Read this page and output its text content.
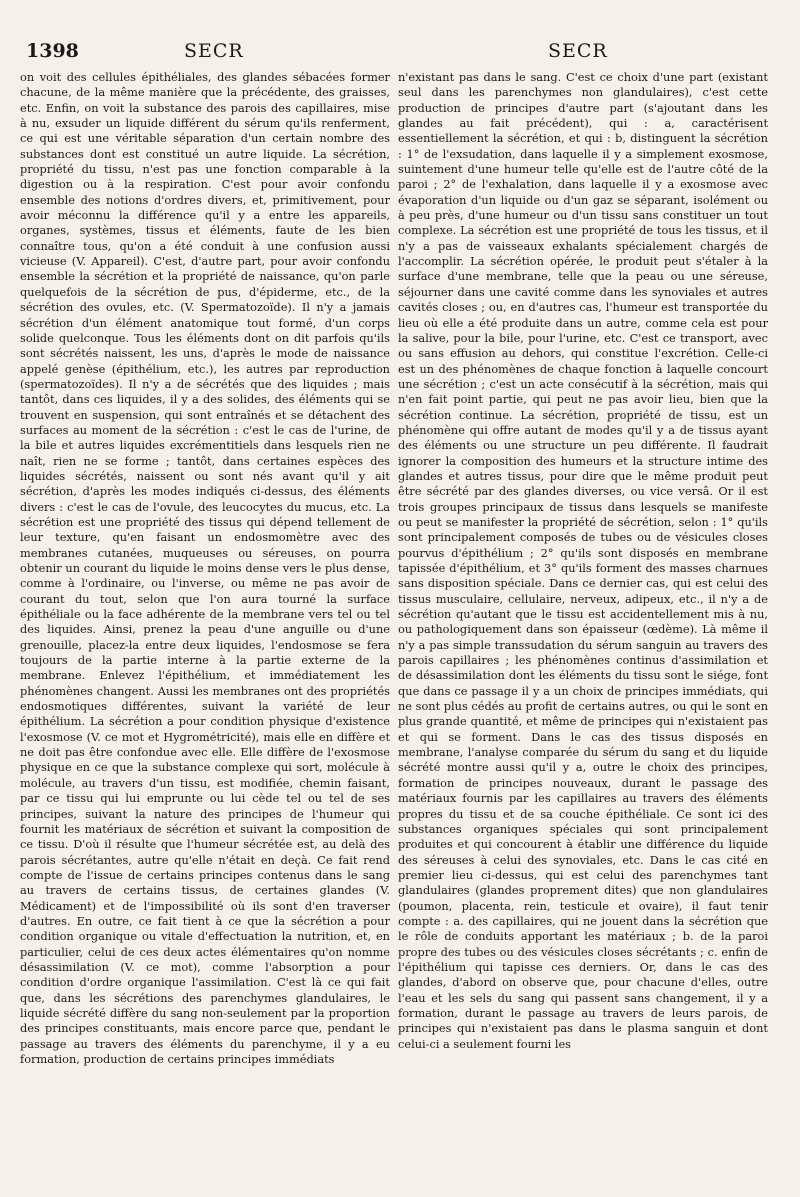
1398	SECR	SECR

on voit des cellules épithéliales, des glandes sébacées former chacune, de la même manière que la précédente, des graisses, etc. Enfin, on voit la substance des parois des capillaires, mise à nu, exsuder un liquide différent du sérum qu'ils renferment, ce qui est une véritable séparation d'un certain nombre des substances dont est constitué un autre liquide. La sécrétion, propriété du tissu, n'est pas une fonction comparable à la digestion ou à la respiration. C'est pour avoir confondu ensemble des notions d'ordres divers, et, primitivement, pour avoir méconnu la différence qu'il y a entre les appareils, organes, systèmes, tissus et éléments, faute de les bien connaître tous, qu'on a été conduit à une confusion aussi vicieuse (V. Appareil). C'est, d'autre part, pour avoir confondu ensemble la sécrétion et la propriété de naissance, qu'on parle quelquefois de la sécrétion de pus, d'épiderme, etc., de la sécrétion des ovules, etc. (V. Spermatozoïde). Il n'y a jamais sécrétion d'un élément anatomique tout formé, d'un corps solide quelconque. Tous les éléments dont on dit parfois qu'ils sont sécrétés naissent, les uns, d'après le mode de naissance appelé genèse (épithélium, etc.), les autres par reproduction (spermatozoïdes). Il n'y a de sécrétés que des liquides ; mais tantôt, dans ces liquides, il y a des solides, des éléments qui se trouvent en suspension, qui sont entraînés et se détachent des surfaces au moment de la sécrétion : c'est le cas de l'urine, de la bile et autres liquides excrémentitiels dans lesquels rien ne naît, rien ne se forme ; tantôt, dans certaines espèces des liquides sécrétés, naissent ou sont nés avant qu'il y ait sécrétion, d'après les modes indiqués ci-dessus, des éléments divers : c'est le cas de l'ovule, des leucocytes du mucus, etc. La sécrétion est une propriété des tissus qui dépend tellement de leur texture, qu'en faisant un endosmomètre avec des membranes cutanées, muqueuses ou séreuses, on pourra obtenir un courant du liquide le moins dense vers le plus dense, comme à l'ordinaire, ou l'inverse, ou même ne pas avoir de courant du tout, selon que l'on aura tourné la surface épithéliale ou la face adhérente de la membrane vers tel ou tel des liquides. Ainsi, prenez la peau d'une anguille ou d'une grenouille, placez-la entre deux liquides, l'endosmose se fera toujours de la partie interne à la partie externe de la membrane. Enlevez l'épithélium, et immédiatement les phénomènes changent. Aussi les membranes ont des propriétés endosmotiques différentes, suivant la variété de leur épithélium. La sécrétion a pour condition physique d'existence l'exosmose (V. ce mot et Hygrométricité), mais elle en diffère et ne doit pas être confondue avec elle. Elle diffère de l'exosmose physique en ce que la substance complexe qui sort, molécule à molécule, au travers d'un tissu, est modifiée, chemin faisant, par ce tissu qui lui emprunte ou lui cède tel ou tel de ses principes, suivant la nature des principes de l'humeur qui fournit les matériaux de sécrétion et suivant la composition de ce tissu. D'où il résulte que l'humeur sécrétée est, au delà des parois sécrétantes, autre qu'elle n'était en deçà. Ce fait rend compte de l'issue de certains principes contenus dans le sang au travers de certains tissus, de certaines glandes (V. Médicament) et de l'impossibilité où ils sont d'en traverser d'autres. En outre, ce fait tient à ce que la sécrétion a pour condition organique ou vitale d'effectuation la nutrition, et, en particulier, celui de ces deux actes élémentaires qu'on nomme désassimilation (V. ce mot), comme l'absorption a pour condition d'ordre organique l'assimilation. C'est là ce qui fait que, dans les sécrétions des parenchymes glandulaires, le liquide sécrété diffère du sang non-seulement par la proportion des principes constituants, mais encore parce que, pendant le passage au travers des éléments du parenchyme, il y a eu formation, production de certains principes immédiats

n'existant pas dans le sang. C'est ce choix d'une part (existant seul dans les parenchymes non glandulaires), c'est cette production de principes d'autre part (s'ajoutant dans les glandes au fait précédent), qui : a, caractérisent essentiellement la sécrétion, et qui : b, distinguent la sécrétion : 1° de l'exsudation, dans laquelle il y a simplement exosmose, suintement d'une humeur telle qu'elle est de l'autre côté de la paroi ; 2° de l'exhalation, dans laquelle il y a exosmose avec évaporation d'un liquide ou d'un gaz se séparant, isolément ou à peu près, d'une humeur ou d'un tissu sans constituer un tout complexe. La sécrétion est une propriété de tous les tissus, et il n'y a pas de vaisseaux exhalants spécialement chargés de l'accomplir. La sécrétion opérée, le produit peut s'étaler à la surface d'une membrane, telle que la peau ou une séreuse, séjourner dans une cavité comme dans les synoviales et autres cavités closes ; ou, en d'autres cas, l'humeur est transportée du lieu où elle a été produite dans un autre, comme cela est pour la salive, pour la bile, pour l'urine, etc. C'est ce transport, avec ou sans effusion au dehors, qui constitue l'excrétion. Celle-ci est un des phénomènes de chaque fonction à laquelle concourt une sécrétion ; c'est un acte consécutif à la sécrétion, mais qui n'en fait point partie, qui peut ne pas avoir lieu, bien que la sécrétion continue. La sécrétion, propriété de tissu, est un phénomène qui offre autant de modes qu'il y a de tissus ayant des éléments ou une structure un peu différente. Il faudrait ignorer la composition des humeurs et la structure intime des glandes et autres tissus, pour dire que le même produit peut être sécrété par des glandes diverses, ou vice versâ. Or il est trois groupes principaux de tissus dans lesquels se manifeste ou peut se manifester la propriété de sécrétion, selon : 1° qu'ils sont principalement composés de tubes ou de vésicules closes pourvus d'épithélium ; 2° qu'ils sont disposés en membrane tapissée d'épithélium, et 3° qu'ils forment des masses charnues sans disposition spéciale. Dans ce dernier cas, qui est celui des tissus musculaire, cellulaire, nerveux, adipeux, etc., il n'y a de sécrétion qu'autant que le tissu est accidentellement mis à nu, ou pathologiquement dans son épaisseur (œdème). Là même il n'y a pas simple transsudation du sérum sanguin au travers des parois capillaires ; les phénomènes continus d'assimilation et de désassimilation dont les éléments du tissu sont le siége, font que dans ce passage il y a un choix de principes immédiats, qui ne sont plus cédés au profit de certains autres, ou qui le sont en plus grande quantité, et même de principes qui n'existaient pas et qui se forment. Dans le cas des tissus disposés en membrane, l'analyse comparée du sérum du sang et du liquide sécrété montre aussi qu'il y a, outre le choix des principes, formation de principes nouveaux, durant le passage des matériaux fournis par les capillaires au travers des éléments propres du tissu et de sa couche épithéliale. Ce sont ici des substances organiques spéciales qui sont principalement produites et qui concourent à établir une différence du liquide des séreuses à celui des synoviales, etc. Dans le cas cité en premier lieu ci-dessus, qui est celui des parenchymes tant glandulaires (glandes proprement dites) que non glandulaires (poumon, placenta, rein, testicule et ovaire), il faut tenir compte : a. des capillaires, qui ne jouent dans la sécrétion que le rôle de conduits apportant les matériaux ; b. de la paroi propre des tubes ou des vésicules closes sécrétants ; c. enfin de l'épithélium qui tapisse ces derniers. Or, dans le cas des glandes, d'abord on observe que, pour chacune d'elles, outre l'eau et les sels du sang qui passent sans changement, il y a formation, durant le passage au travers de leurs parois, de principes qui n'existaient pas dans le plasma sanguin et dont celui-ci a seulement fourni les
